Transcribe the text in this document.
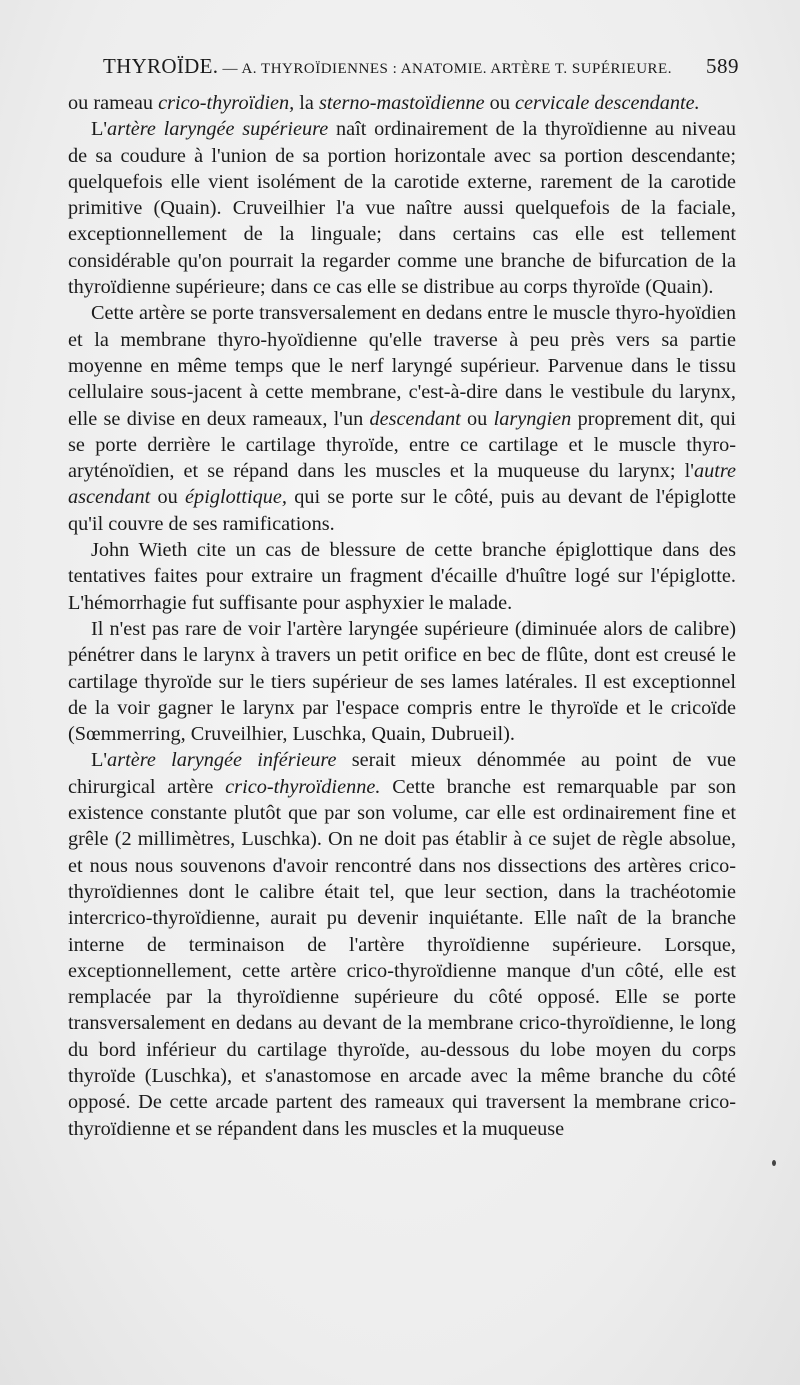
THYROÏDE. — A. THYROÏDIENNES : ANATOMIE. ARTÈRE T. SUPÉRIEURE. 589

ou rameau crico-thyroïdien, la sterno-mastoïdienne ou cervicale descendante.

L'artère laryngée supérieure naît ordinairement de la thyroïdienne au niveau de sa coudure à l'union de sa portion horizontale avec sa portion descendante; quelquefois elle vient isolément de la carotide externe, rarement de la carotide primitive (Quain). Cruveilhier l'a vue naître aussi quelquefois de la faciale, exceptionnellement de la linguale; dans certains cas elle est tellement considérable qu'on pourrait la regarder comme une branche de bifurcation de la thyroïdienne supérieure; dans ce cas elle se distribue au corps thyroïde (Quain).

Cette artère se porte transversalement en dedans entre le muscle thyro-hyoïdien et la membrane thyro-hyoïdienne qu'elle traverse à peu près vers sa partie moyenne en même temps que le nerf laryngé supérieur. Parvenue dans le tissu cellulaire sous-jacent à cette membrane, c'est-à-dire dans le vestibule du larynx, elle se divise en deux rameaux, l'un descendant ou laryngien proprement dit, qui se porte derrière le cartilage thyroïde, entre ce cartilage et le muscle thyro-aryténoïdien, et se répand dans les muscles et la muqueuse du larynx; l'autre ascendant ou épiglottique, qui se porte sur le côté, puis au devant de l'épiglotte qu'il couvre de ses ramifications.

John Wieth cite un cas de blessure de cette branche épiglottique dans des tentatives faites pour extraire un fragment d'écaille d'huître logé sur l'épiglotte. L'hémorrhagie fut suffisante pour asphyxier le malade.

Il n'est pas rare de voir l'artère laryngée supérieure (diminuée alors de calibre) pénétrer dans le larynx à travers un petit orifice en bec de flûte, dont est creusé le cartilage thyroïde sur le tiers supérieur de ses lames latérales. Il est exceptionnel de la voir gagner le larynx par l'espace compris entre le thyroïde et le cricoïde (Sœmmerring, Cruveilhier, Luschka, Quain, Dubrueil).

L'artère laryngée inférieure serait mieux dénommée au point de vue chirurgical artère crico-thyroïdienne. Cette branche est remarquable par son existence constante plutôt que par son volume, car elle est ordinairement fine et grêle (2 millimètres, Luschka). On ne doit pas établir à ce sujet de règle absolue, et nous nous souvenons d'avoir rencontré dans nos dissections des artères crico-thyroïdiennes dont le calibre était tel, que leur section, dans la trachéotomie intercrico-thyroïdienne, aurait pu devenir inquiétante. Elle naît de la branche interne de terminaison de l'artère thyroïdienne supérieure. Lorsque, exceptionnellement, cette artère crico-thyroïdienne manque d'un côté, elle est remplacée par la thyroïdienne supérieure du côté opposé. Elle se porte transversalement en dedans au devant de la membrane crico-thyroïdienne, le long du bord inférieur du cartilage thyroïde, au-dessous du lobe moyen du corps thyroïde (Luschka), et s'anastomose en arcade avec la même branche du côté opposé. De cette arcade partent des rameaux qui traversent la membrane crico-thyroïdienne et se répandent dans les muscles et la muqueuse
